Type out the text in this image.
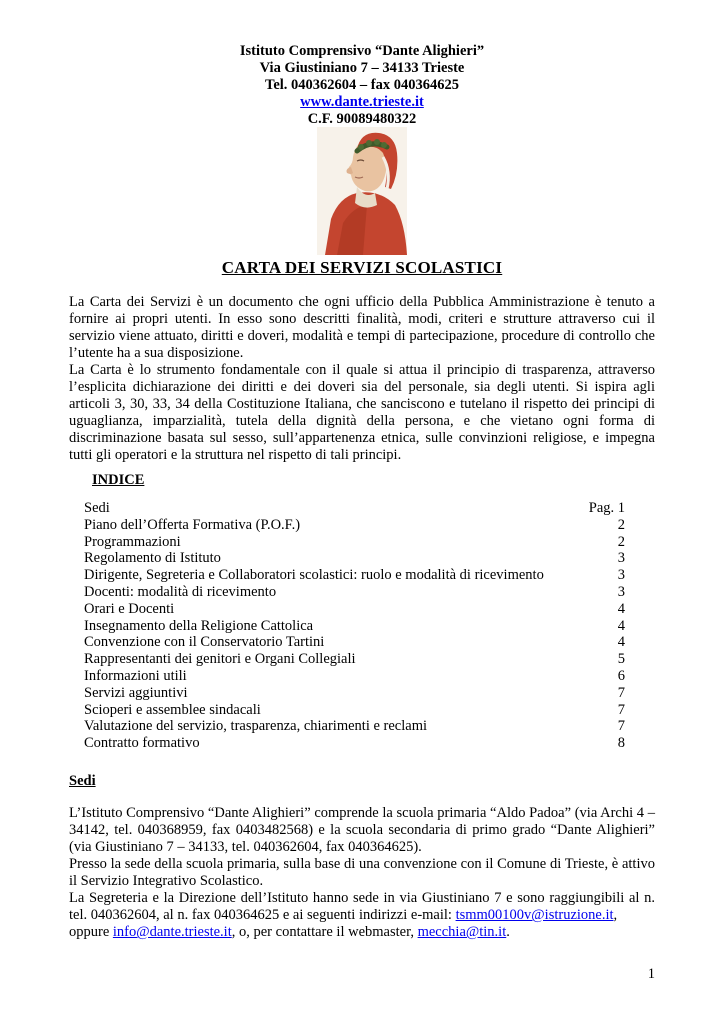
Istituto Comprensivo “Dante Alighieri”
Via Giustiniano 7 – 34133 Trieste
Tel. 040362604 – fax 040364625
www.dante.trieste.it
C.F. 90089480322
CARTA DEI SERVIZI SCOLASTICI

La Carta dei Servizi è un documento che ogni ufficio della Pubblica Amministrazione è tenuto a fornire ai propri utenti. In esso sono descritti finalità, modi, criteri e strutture attraverso cui il servizio viene attuato, diritti e doveri, modalità e tempi di partecipazione, procedure di controllo che l’utente ha a sua disposizione.

La Carta è lo strumento fondamentale con il quale si attua il principio di trasparenza, attraverso l’esplicita dichiarazione dei diritti e dei doveri sia del personale, sia degli utenti. Si ispira agli articoli 3, 30, 33, 34 della Costituzione Italiana, che sanciscono e tutelano il rispetto dei principi di uguaglianza, imparzialità, tutela della dignità della persona, e che vietano ogni forma di discriminazione basata sul sesso, sull’appartenenza etnica, sulle convinzioni religiose, e impegna tutti gli operatori e la struttura nel rispetto di tali principi.

INDICE
Sedi	Pag. 1
Piano dell’Offerta Formativa (P.O.F.)	2
Programmazioni	2
Regolamento di Istituto	3
Dirigente, Segreteria e Collaboratori scolastici: ruolo e modalità di ricevimento	3
Docenti: modalità di ricevimento	3
Orari e Docenti	4
Insegnamento della Religione Cattolica	4
Convenzione con il Conservatorio Tartini	4
Rappresentanti dei genitori e Organi Collegiali	5
Informazioni utili	6
Servizi aggiuntivi	7
Scioperi e assemblee sindacali	7
Valutazione del servizio, trasparenza, chiarimenti e reclami	7
Contratto formativo	8
Sedi

L’Istituto Comprensivo “Dante Alighieri” comprende la scuola primaria “Aldo Padoa” (via Archi 4 – 34142, tel. 040368959, fax 0403482568) e la scuola secondaria di primo grado “Dante Alighieri” (via Giustiniano 7 – 34133, tel. 040362604, fax 040364625).

Presso la sede della scuola primaria, sulla base di una convenzione con il Comune di Trieste, è attivo il Servizio Integrativo Scolastico.

La Segreteria e la Direzione dell’Istituto hanno sede in via Giustiniano 7 e sono raggiungibili al n. tel. 040362604, al n. fax 040364625 e ai seguenti indirizzi e-mail: tsmm00100v@istruzione.it,
oppure info@dante.trieste.it, o, per contattare il webmaster, mecchia@tin.it.

1
